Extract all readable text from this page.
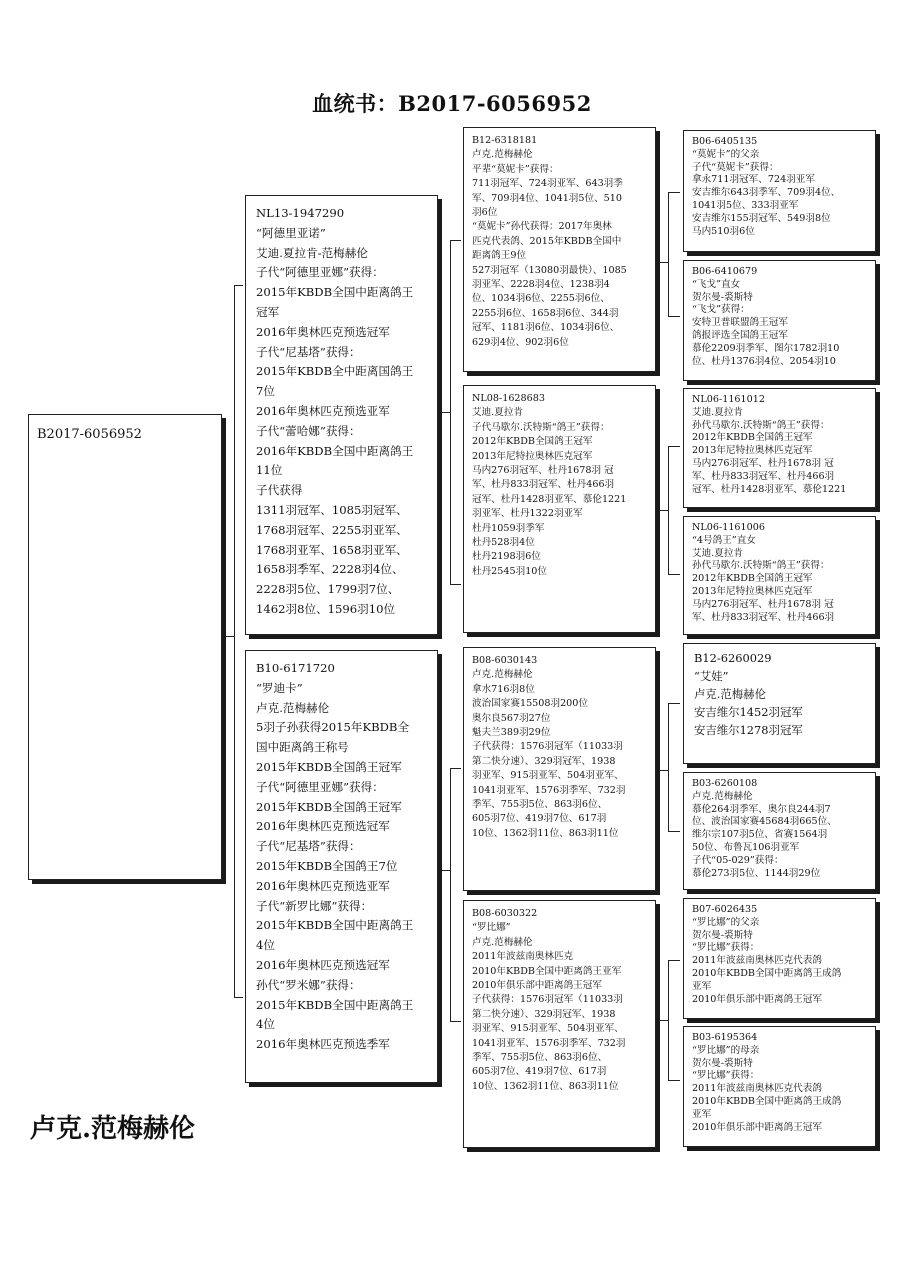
血统书：B2017-6056952
B2017-6056952
NL13-1947290
“阿德里亚诺”
艾迪.夏拉肯-范梅赫伦
子代“阿德里亚娜”获得：
2015年KBDB全国中距离鸽王
冠军
2016年奥林匹克预选冠军
子代“尼基塔”获得：
2015年KBDB全中距离国鸽王
7位
2016年奥林匹克预选亚军
子代“蕾哈娜”获得：
2016年KBDB全国中距离鸽王
11位
子代获得
1311羽冠军、1085羽冠军、
1768羽冠军、2255羽亚军、
1768羽亚军、1658羽亚军、
1658羽季军、2228羽4位、
2228羽5位、1799羽7位、
1462羽8位、1596羽10位
B10-6171720
“罗迪卡”
卢克.范梅赫伦
5羽子孙获得2015年KBDB全
国中距离鸽王称号
2015年KBDB全国鸽王冠军
子代“阿德里亚娜”获得：
2015年KBDB全国鸽王冠军
2016年奥林匹克预选冠军
子代“尼基塔”获得：
2015年KBDB全国鸽王7位
2016年奥林匹克预选亚军
子代“新罗比娜”获得：
2015年KBDB全国中距离鸽王
4位
2016年奥林匹克预选冠军
孙代“罗米娜”获得：
2015年KBDB全国中距离鸽王
4位
2016年奥林匹克预选季军
B12-6318181
卢克.范梅赫伦
平辈“莫妮卡”获得：
711羽冠军、724羽亚军、643羽季
军、709羽4位、1041羽5位、510
羽6位
“莫妮卡”孙代获得：2017年奥林
匹克代表鸽、2015年KBDB全国中
距离鸽王9位
527羽冠军（13080羽最快）、1085
羽亚军、2228羽4位、1238羽4
位、1034羽6位、2255羽6位、
2255羽6位、1658羽6位、344羽
冠军、1181羽6位、1034羽6位、
629羽4位、902羽6位
NL08-1628683
艾迪.夏拉肯
子代马歇尔.沃特斯“鸽王”获得：
2012年KBDB全国鸽王冠军
2013年尼特拉奥林匹克冠军
马内276羽冠军、杜丹1678羽 冠
军、杜丹833羽冠军、杜丹466羽
冠军、杜丹1428羽亚军、慕伦1221
羽亚军、杜丹1322羽亚军
杜丹1059羽季军
杜丹528羽4位
杜丹2198羽6位
杜丹2545羽10位
B08-6030143
卢克.范梅赫伦
拿水716羽8位
波治国家赛15508羽200位
奥尔良567羽27位
魁夫兰389羽29位
子代获得：1576羽冠军（11033羽
第二快分速）、329羽冠军、1938
羽亚军、915羽亚军、504羽亚军、
1041羽亚军、1576羽季军、732羽
季军、755羽5位、863羽6位、
605羽7位、419羽7位、617羽
10位、1362羽11位、863羽11位
B08-6030322
“罗比娜”
卢克.范梅赫伦
2011年波兹南奥林匹克
2010年KBDB全国中距离鸽王亚军
2010年俱乐部中距离鸽王冠军
子代获得：1576羽冠军（11033羽
第二快分速）、329羽冠军、1938
羽亚军、915羽亚军、504羽亚军、
1041羽亚军、1576羽季军、732羽
季军、755羽5位、863羽6位、
605羽7位、419羽7位、617羽
10位、1362羽11位、863羽11位
B06-6405135
“莫妮卡”的父亲
子代“莫妮卡”获得：
拿永711羽冠军、724羽亚军
安吉维尔643羽季军、709羽4位、
1041羽5位、333羽亚军
安吉维尔155羽冠军、549羽8位
马内510羽6位
B06-6410679
“飞戈”直女
贺尔曼-裘斯特
“飞戈”获得：
安特卫普联盟鸽王冠军
鸽报评选全国鸽王冠军
慕伦2209羽季军、图尔1782羽10
位、杜丹1376羽4位、2054羽10
NL06-1161012
艾迪.夏拉肯
孙代马歇尔.沃特斯“鸽王”获得：
2012年KBDB全国鸽王冠军
2013年尼特拉奥林匹克冠军
马内276羽冠军、杜丹1678羽 冠
军、杜丹833羽冠军、杜丹466羽
冠军、杜丹1428羽亚军、慕伦1221
NL06-1161006
“4号鸽王”直女
艾迪.夏拉肯
孙代马歇尔.沃特斯“鸽王”获得：
2012年KBDB全国鸽王冠军
2013年尼特拉奥林匹克冠军
马内276羽冠军、杜丹1678羽 冠
军、杜丹833羽冠军、杜丹466羽
B12-6260029
“艾娃”
卢克.范梅赫伦
安吉维尔1452羽冠军
安吉维尔1278羽冠军
B03-6260108
卢克.范梅赫伦
慕伦264羽季军、奥尔良244羽7
位、波治国家赛45684羽665位、
维尔宗107羽5位、省赛1564羽
50位、布鲁瓦106羽亚军
子代“05-029”获得：
慕伦273羽5位、1144羽29位
B07-6026435
“罗比娜”的父亲
贺尔曼-裘斯特
“罗比娜”获得：
2011年波兹南奥林匹克代表鸽
2010年KBDB全国中距离鸽王成鸽
亚军
2010年俱乐部中距离鸽王冠军
B03-6195364
“罗比娜”的母亲
贺尔曼-裘斯特
“罗比娜”获得：
2011年波兹南奥林匹克代表鸽
2010年KBDB全国中距离鸽王成鸽
亚军
2010年俱乐部中距离鸽王冠军
卢克.范梅赫伦
